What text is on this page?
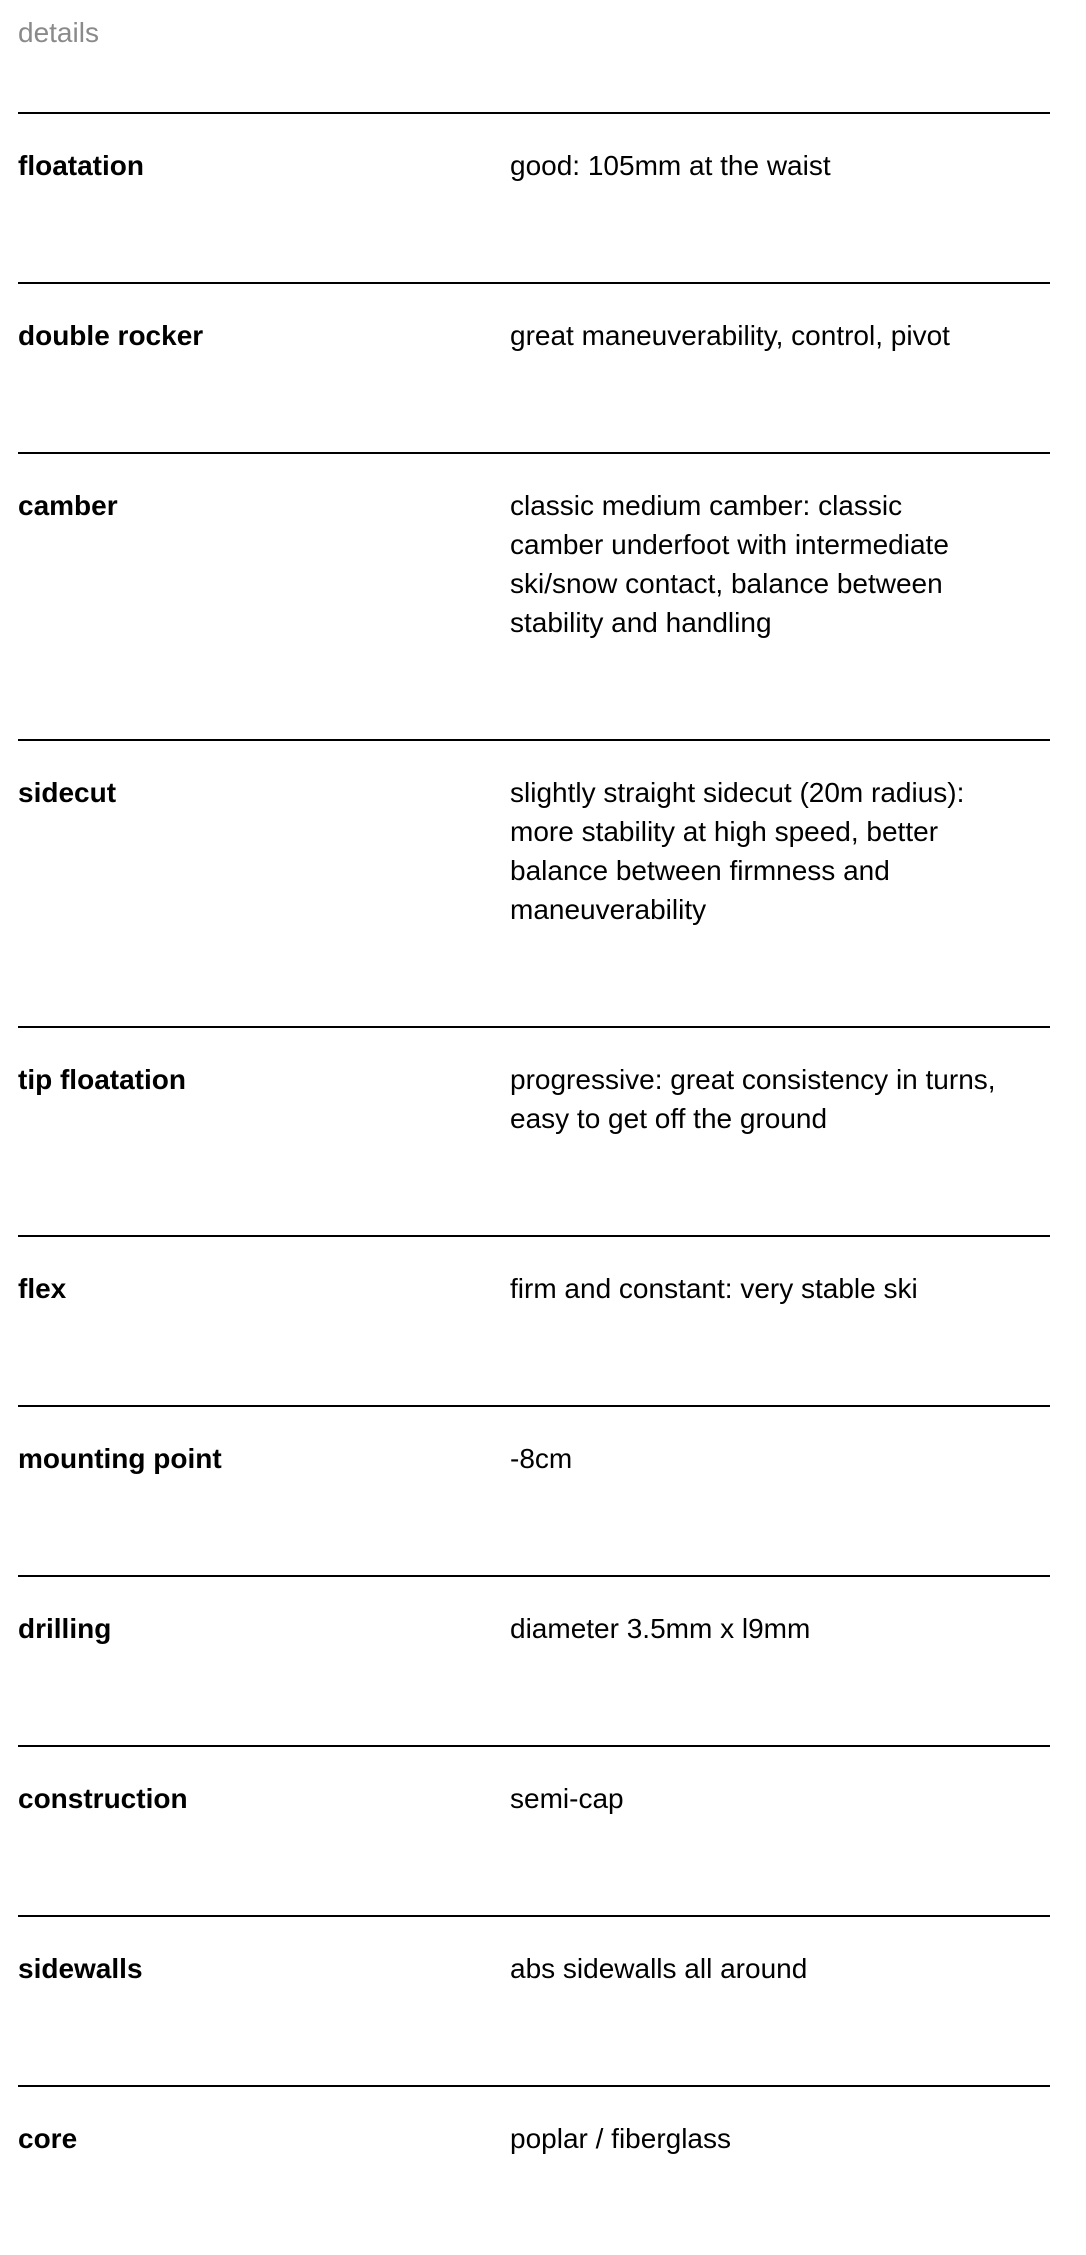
details
floatation	good: 105mm at the waist
double rocker	great maneuverability, control, pivot
camber	classic medium camber: classic camber underfoot with intermediate ski/snow contact, balance between stability and handling
sidecut	slightly straight sidecut (20m radius): more stability at high speed, better balance between firmness and maneuverability
tip floatation	progressive: great consistency in turns, easy to get off the ground
flex	firm and constant: very stable ski
mounting point	-8cm
drilling	diameter 3.5mm x l9mm
construction	semi-cap
sidewalls	abs sidewalls all around
core	poplar / fiberglass
